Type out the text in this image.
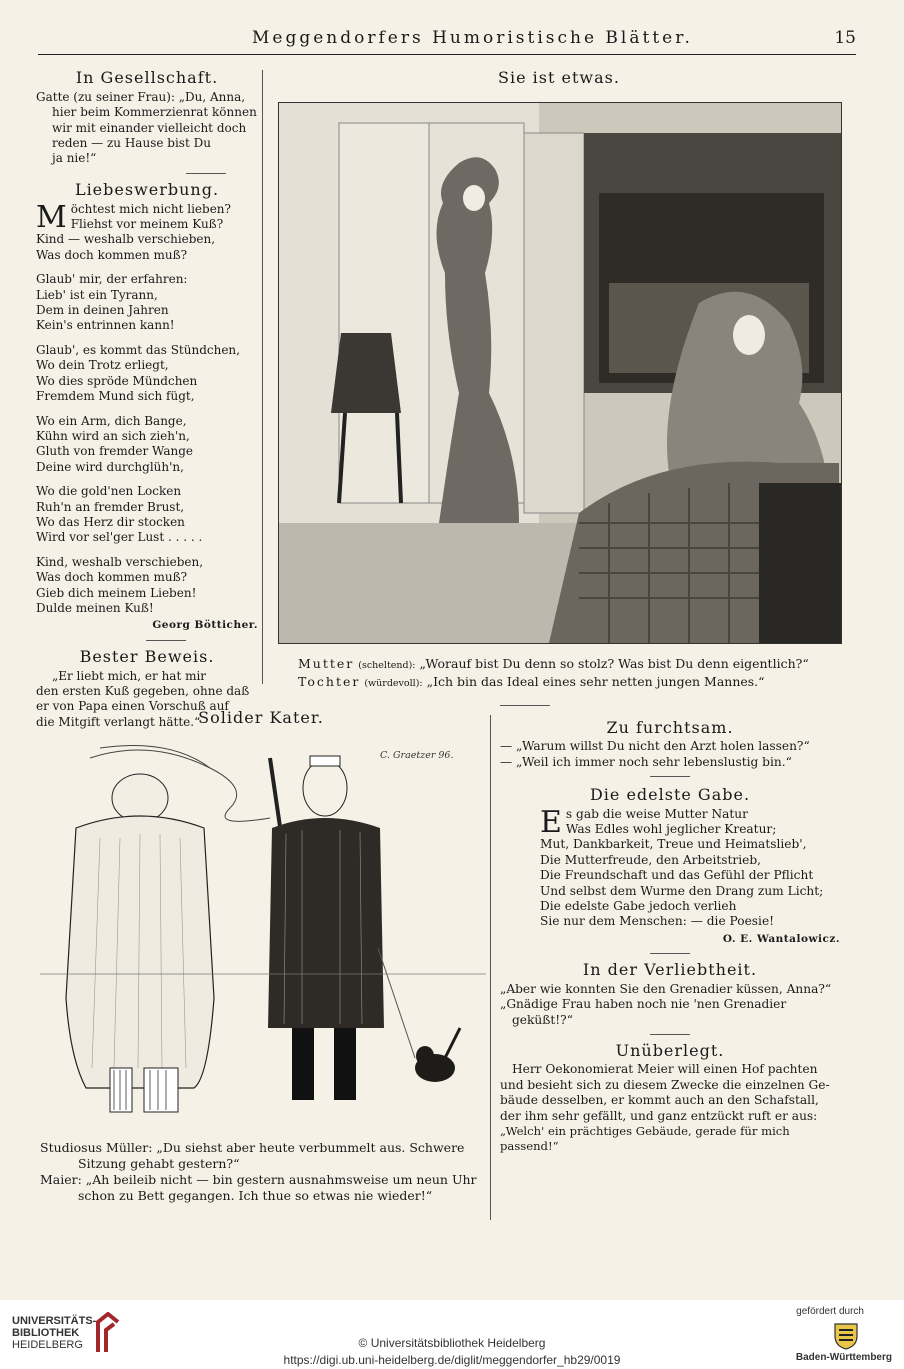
Meggendorfers Humoristische Blätter.	15
In Gesellschaft.
Gatte (zu seiner Frau): „Du, Anna,
hier beim Kommerzienrat können
wir mit einander vielleicht doch
reden — zu Hause bist Du
ja nie!“
Liebeswerbung.
M öchtest mich nicht lieben?
Fliehst vor meinem Kuß?
Kind — weshalb verschieben,
Was doch kommen muß?
Glaub' mir, der erfahren:
Lieb' ist ein Tyrann,
Dem in deinen Jahren
Kein's entrinnen kann!
Glaub', es kommt das Stündchen,
Wo dein Trotz erliegt,
Wo dies spröde Mündchen
Fremdem Mund sich fügt,
Wo ein Arm, dich Bange,
Kühn wird an sich zieh'n,
Gluth von fremder Wange
Deine wird durchglüh'n,
Wo die gold'nen Locken
Ruh'n an fremder Brust,
Wo das Herz dir stocken
Wird vor sel'ger Lust . . . . .
Kind, weshalb verschieben,
Was doch kommen muß?
Gieb dich meinem Lieben!
Dulde meinen Kuß!
Georg Bötticher.
Bester Beweis.
„Er liebt mich, er hat mir
den ersten Kuß gegeben, ohne daß
er von Papa einen Vorschuß auf
die Mitgift verlangt hätte.“
Sie ist etwas.
Mutter (scheltend): „Worauf bist Du denn so stolz? Was bist Du denn eigentlich?“
Tochter (würdevoll): „Ich bin das Ideal eines sehr netten jungen Mannes.“
Solider Kater.
C. Graetzer 96.
Studiosus Müller: „Du siehst aber heute verbummelt aus. Schwere
Sitzung gehabt gestern?“
Maier: „Ah beileib nicht — bin gestern ausnahmsweise um neun Uhr
schon zu Bett gegangen. Ich thue so etwas nie wieder!“
Zu furchtsam.
— „Warum willst Du nicht den Arzt holen lassen?“
— „Weil ich immer noch sehr lebenslustig bin.“
Die edelste Gabe.
E s gab die weise Mutter Natur
Was Edles wohl jeglicher Kreatur;
Mut, Dankbarkeit, Treue und Heimatslieb',
Die Mutterfreude, den Arbeitstrieb,
Die Freundschaft und das Gefühl der Pflicht
Und selbst dem Wurme den Drang zum Licht;
Die edelste Gabe jedoch verlieh
Sie nur dem Menschen: — die Poesie!
O. E. Wantalowicz.
In der Verliebtheit.
„Aber wie konnten Sie den Grenadier küssen, Anna?“
„Gnädige Frau haben noch nie 'nen Grenadier
geküßt!?“
Unüberlegt.
Herr Oekonomierat Meier will einen Hof pachten
und besieht sich zu diesem Zwecke die einzelnen Ge-
bäude desselben, er kommt auch an den Schafstall,
der ihm sehr gefällt, und ganz entzückt ruft er aus:
„Welch' ein prächtiges Gebäude, gerade für mich passend!“
UNIVERSITÄTS-
BIBLIOTHEK
HEIDELBERG	© Universitätsbibliothek Heidelberg
https://digi.ub.uni-heidelberg.de/diglit/meggendorfer_hb29/0019
gefördert durch
Baden-Württemberg
